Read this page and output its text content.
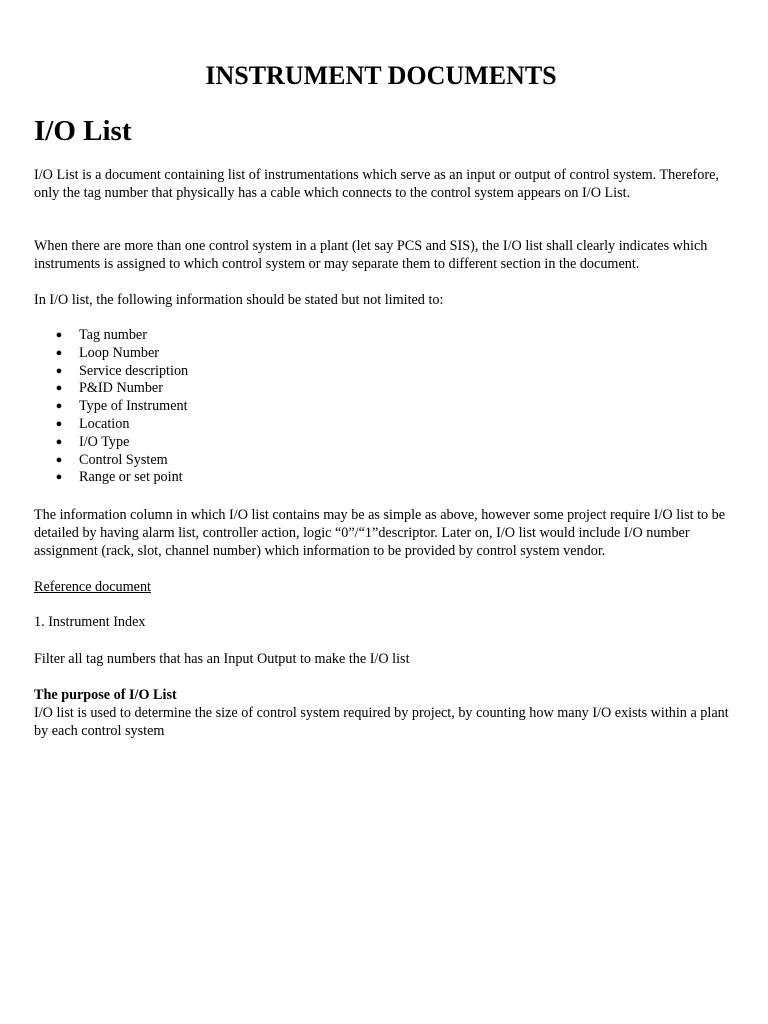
INSTRUMENT DOCUMENTS
I/O List

I/O List is a document containing list of instrumentations which serve as an input or output of control system. Therefore, only the tag number that physically has a cable which connects to the control system appears on I/O List.

When there are more than one control system in a plant (let say PCS and SIS), the I/O list shall clearly indicates which instruments is assigned to which control system or may separate them to different section in the document.

In I/O list, the following information should be stated but not limited to:

● Tag number
● Loop Number
● Service description
● P&ID Number
● Type of Instrument
● Location
● I/O Type
● Control System
● Range or set point

The information column in which I/O list contains may be as simple as above, however some project require I/O list to be detailed by having alarm list, controller action, logic “0”/“1”descriptor. Later on, I/O list would include I/O number assignment (rack, slot, channel number) which information to be provided by control system vendor.

Reference document

1. Instrument Index

Filter all tag numbers that has an Input Output to make the I/O list

The purpose of I/O List
I/O list is used to determine the size of control system required by project, by counting how many I/O exists within a plant by each control system
